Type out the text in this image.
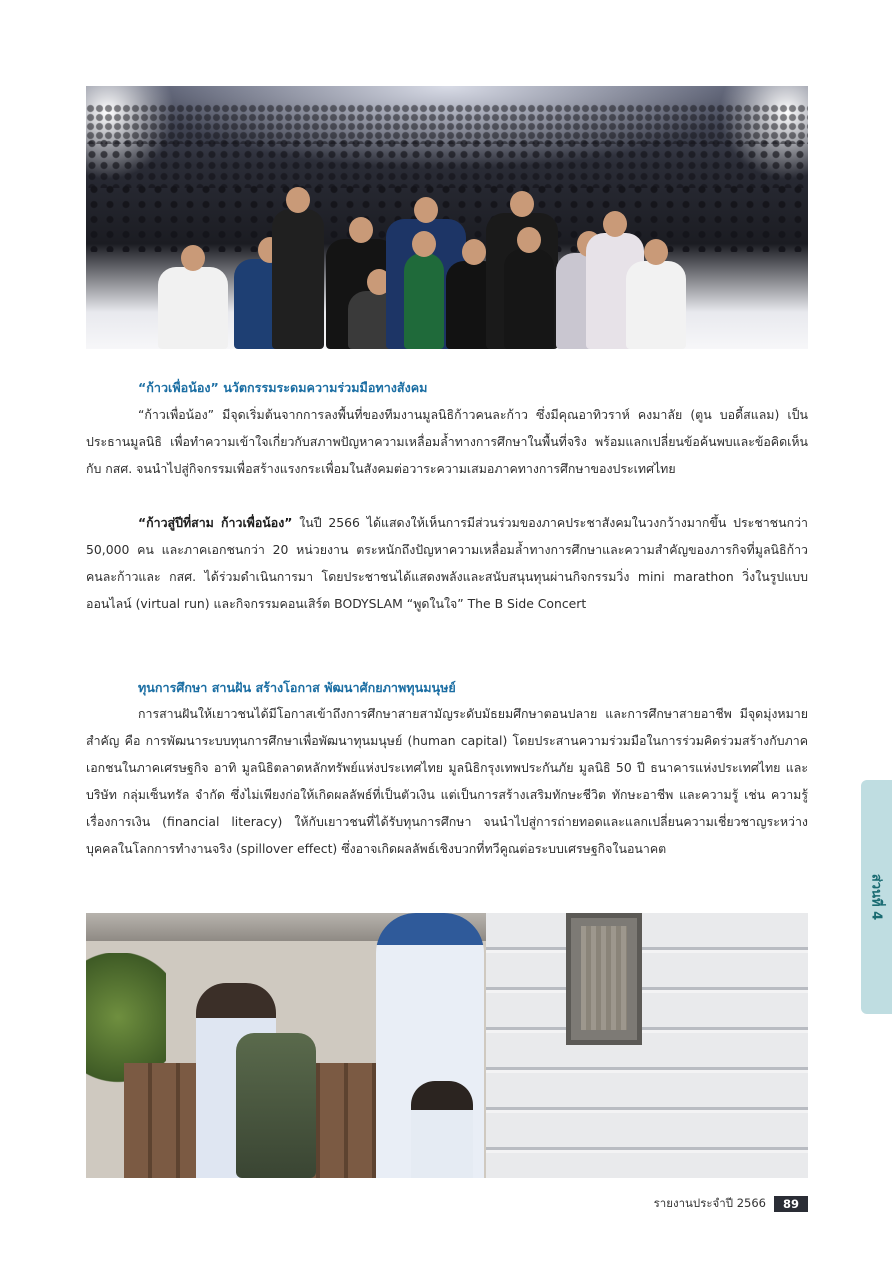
“ก้าวเพื่อน้อง” นวัตกรรมระดมความร่วมมือทางสังคม

“ก้าวเพื่อน้อง” มีจุดเริ่มต้นจากการลงพื้นที่ของทีมงานมูลนิธิก้าวคนละก้าว ซึ่งมีคุณอาทิวราห์ คงมาลัย (ตูน บอดี้สแลม) เป็นประธานมูลนิธิ เพื่อทำความเข้าใจเกี่ยวกับสภาพปัญหาความเหลื่อมล้ำทางการศึกษาในพื้นที่จริง พร้อมแลกเปลี่ยนข้อค้นพบและข้อคิดเห็นกับ กสศ. จนนำไปสู่กิจกรรมเพื่อสร้างแรงกระเพื่อมในสังคมต่อวาระความเสมอภาคทางการศึกษาของประเทศไทย

“ก้าวสู่ปีที่สาม ก้าวเพื่อน้อง” ในปี 2566 ได้แสดงให้เห็นการมีส่วนร่วมของภาคประชาสังคมในวงกว้างมากขึ้น ประชาชนกว่า 50,000 คน และภาคเอกชนกว่า 20 หน่วยงาน ตระหนักถึงปัญหาความเหลื่อมล้ำทางการศึกษาและความสำคัญของภารกิจที่มูลนิธิก้าวคนละก้าวและ กสศ. ได้ร่วมดำเนินการมา โดยประชาชนได้แสดงพลังและสนับสนุนทุนผ่านกิจกรรมวิ่ง mini marathon วิ่งในรูปแบบออนไลน์ (virtual run) และกิจกรรมคอนเสิร์ต BODYSLAM “พูดในใจ” The B Side Concert

ทุนการศึกษา สานฝัน สร้างโอกาส พัฒนาศักยภาพทุนมนุษย์

การสานฝันให้เยาวชนได้มีโอกาสเข้าถึงการศึกษาสายสามัญระดับมัธยมศึกษาตอนปลาย และการศึกษาสายอาชีพ มีจุดมุ่งหมายสำคัญ คือ การพัฒนาระบบทุนการศึกษาเพื่อพัฒนาทุนมนุษย์ (human capital) โดยประสานความร่วมมือในการร่วมคิดร่วมสร้างกับภาคเอกชนในภาคเศรษฐกิจ อาทิ มูลนิธิตลาดหลักทรัพย์แห่งประเทศไทย มูลนิธิกรุงเทพประกันภัย มูลนิธิ 50 ปี ธนาคารแห่งประเทศไทย และบริษัท กลุ่มเซ็นทรัล จำกัด ซึ่งไม่เพียงก่อให้เกิดผลลัพธ์ที่เป็นตัวเงิน แต่เป็นการสร้างเสริมทักษะชีวิต ทักษะอาชีพ และความรู้ เช่น ความรู้เรื่องการเงิน (financial literacy) ให้กับเยาวชนที่ได้รับทุนการศึกษา จนนำไปสู่การถ่ายทอดและแลกเปลี่ยนความเชี่ยวชาญระหว่างบุคคลในโลกการทำงานจริง (spillover effect) ซึ่งอาจเกิดผลลัพธ์เชิงบวกที่ทวีคูณต่อระบบเศรษฐกิจในอนาคต

ส่วนที่ 4
รายงานประจำปี 2566	89
